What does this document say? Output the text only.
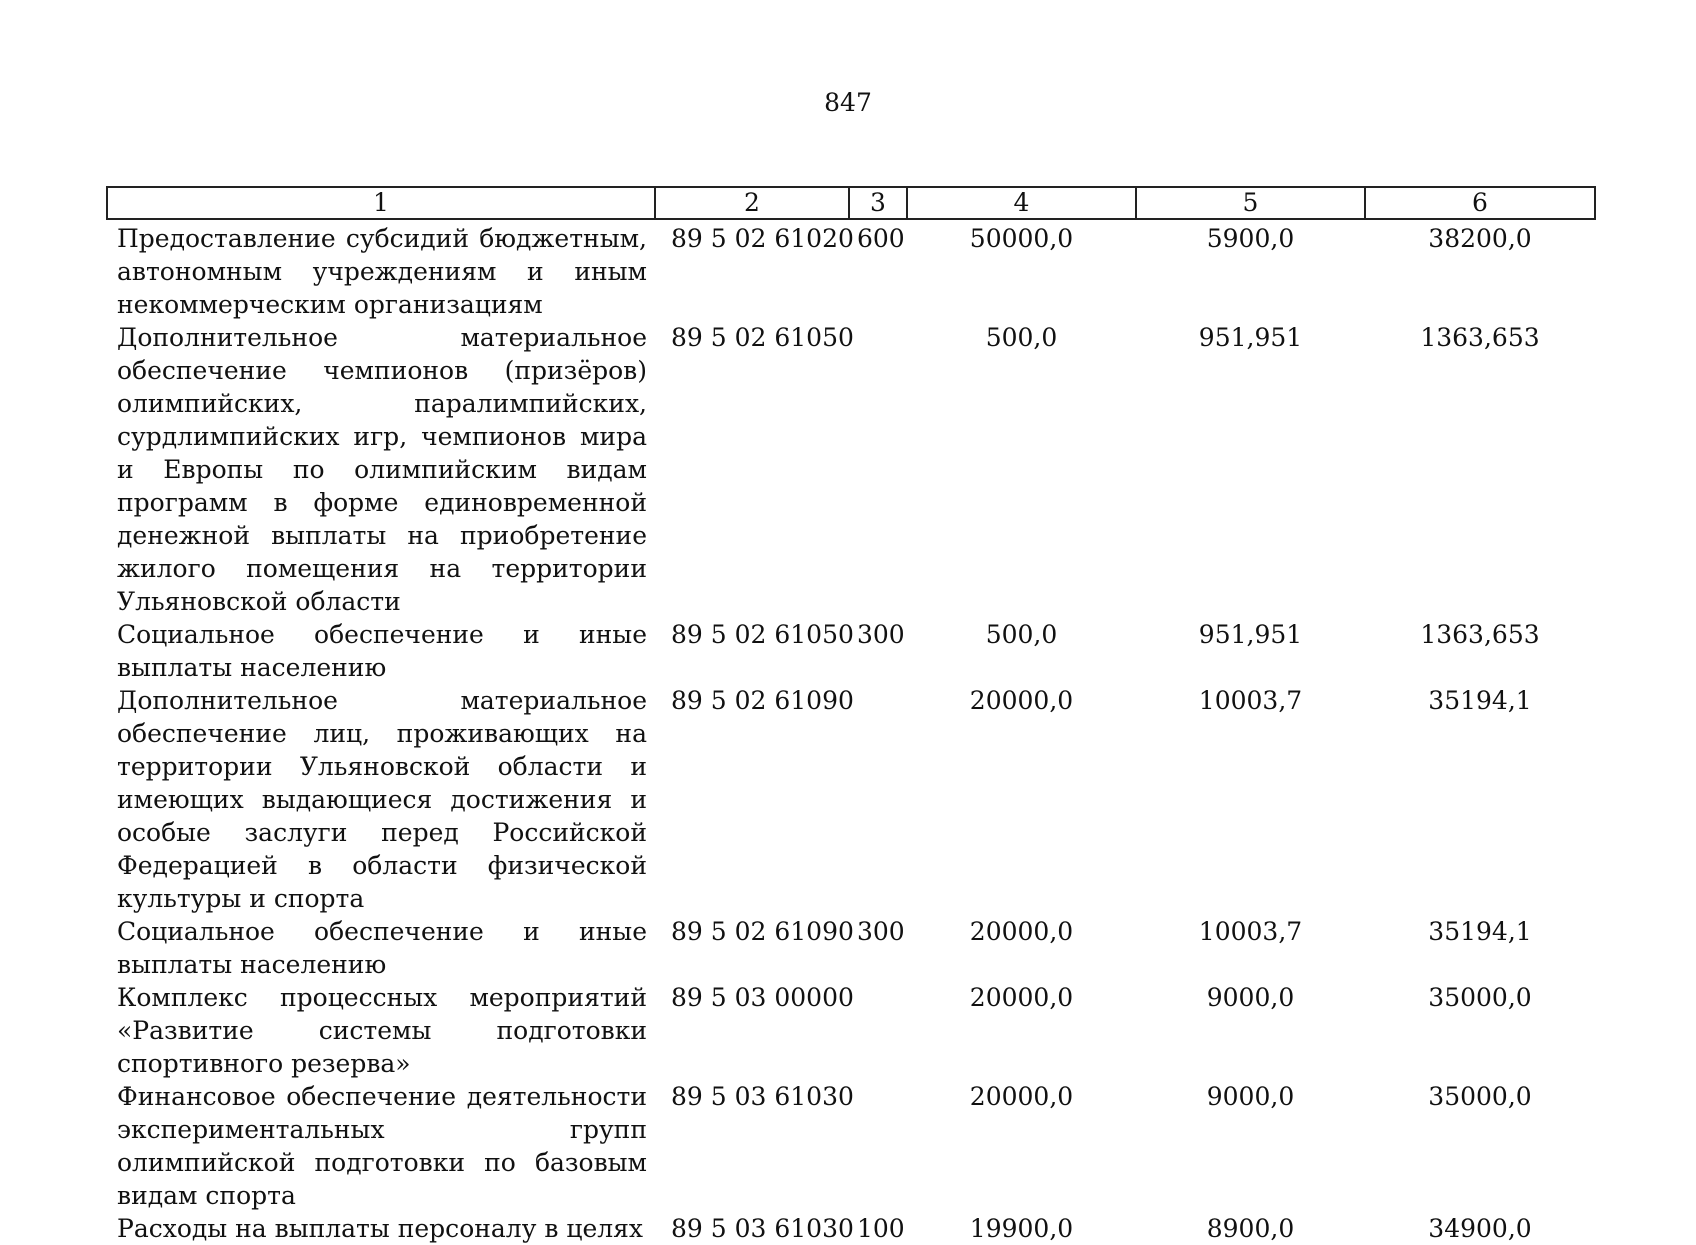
847
1	2	3	4	5	6
Предоставление субсидий бюджетным, автономным учреждениям и иным некоммерческим организациям	89 5 02 61020	600	50000,0	5900,0	38200,0
Дополнительное материальное обеспечение чемпионов (призёров) олимпийских, паралимпийских, сурдлимпийских игр, чемпионов мира и Европы по олимпийским видам программ в форме единовременной денежной выплаты на приобретение жилого помещения на территории Ульяновской области	89 5 02 61050		500,0	951,951	1363,653
Социальное обеспечение и иные выплаты населению	89 5 02 61050	300	500,0	951,951	1363,653
Дополнительное материальное обеспечение лиц, проживающих на территории Ульяновской области и имеющих выдающиеся достижения и особые заслуги перед Российской Федерацией в области физической культуры и спорта	89 5 02 61090		20000,0	10003,7	35194,1
Социальное обеспечение и иные выплаты населению	89 5 02 61090	300	20000,0	10003,7	35194,1
Комплекс процессных мероприятий «Развитие системы подготовки спортивного резерва»	89 5 03 00000		20000,0	9000,0	35000,0
Финансовое обеспечение деятельности экспериментальных групп олимпийской подготовки по базовым видам спорта	89 5 03 61030		20000,0	9000,0	35000,0
Расходы на выплаты персоналу в целях	89 5 03 61030	100	19900,0	8900,0	34900,0
